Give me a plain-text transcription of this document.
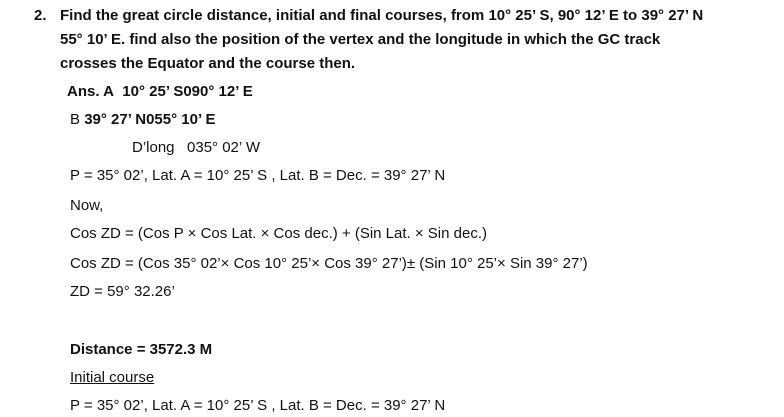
2. Find the great circle distance, initial and final courses, from 10° 25’ S, 90° 12’ E to 39° 27’ N
55° 10’ E. find also the position of the vertex and the longitude in which the GC track
crosses the Equator and the course then.
Ans. A 10° 25’ S090° 12’ E
B 39° 27’ N055° 10’ E
D’long   035° 02’ W
P = 35° 02’, Lat. A = 10° 25’ S , Lat. B = Dec. = 39° 27’ N
Now,
Cos ZD = (Cos P × Cos Lat. × Cos dec.) + (Sin Lat. × Sin dec.)
Cos ZD = (Cos 35° 02’× Cos 10° 25’× Cos 39° 27’)± (Sin 10° 25’× Sin 39° 27’)
ZD = 59° 32.26’
Distance = 3572.3 M
Initial course
P = 35° 02’, Lat. A = 10° 25’ S , Lat. B = Dec. = 39° 27’ N
